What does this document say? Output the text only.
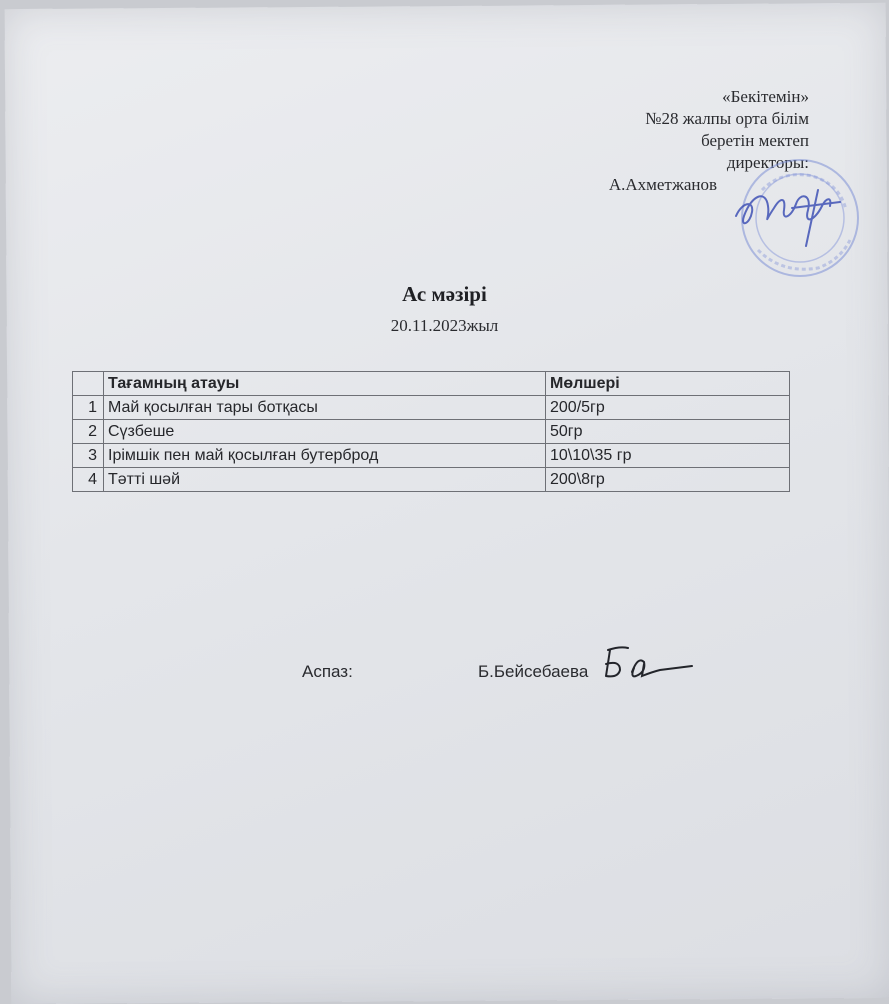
«Бекітемін»
№28 жалпы орта білім
беретін мектеп
директоры:
А.Ахметжанов
Ас мәзірі
20.11.2023жыл
	Тағамның атауы	Мөлшері
1	Май қосылған тары ботқасы	200/5гр
2	Сүзбеше	50гр
3	Ірімшік пен май қосылған бутерброд	10\10\35 гр
4	Тәтті шәй	200\8гр
Аспаз:	Б.Бейсебаева
